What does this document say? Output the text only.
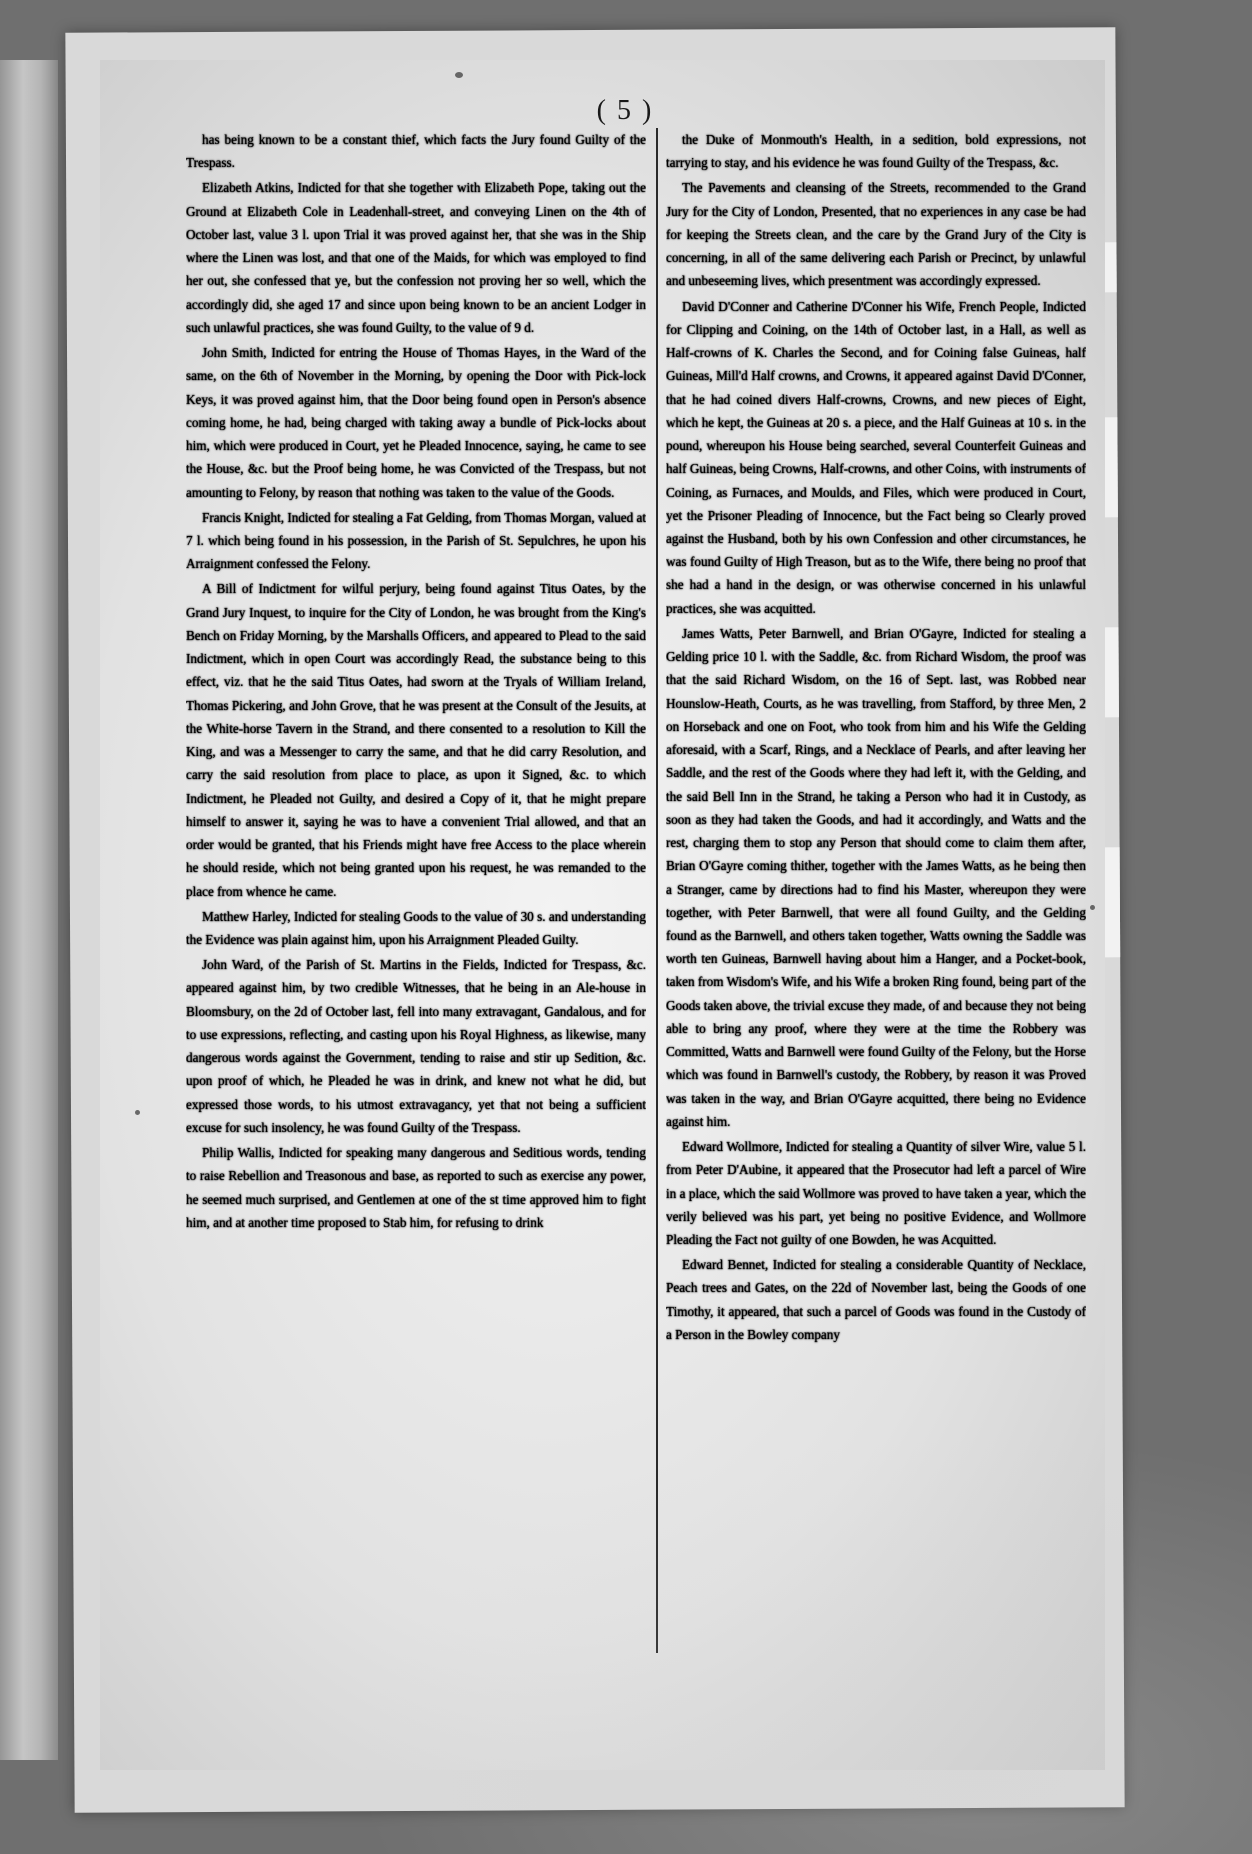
( 5 )

has being known to be a constant thief, which facts the Jury found Guilty of the Trespass.

Elizabeth Atkins, Indicted for that she together with Elizabeth Pope, taking out the Ground at Elizabeth Cole in Leadenhall-street, and conveying Linen on the 4th of October last, value 3 l. upon Trial it was proved against her, that she was in the Ship where the Linen was lost, and that one of the Maids, for which was employed to find her out, she confessed that ye, but the confession not proving her so well, which the accordingly did, she aged 17 and since upon being known to be an ancient Lodger in such unlawful practices, she was found Guilty, to the value of 9 d.

John Smith, Indicted for entring the House of Thomas Hayes, in the Ward of the same, on the 6th of November in the Morning, by opening the Door with Pick-lock Keys, it was proved against him, that the Door being found open in Person's absence coming home, he had, being charged with taking away a bundle of Pick-locks about him, which were produced in Court, yet he Pleaded Innocence, saying, he came to see the House, &c. but the Proof being home, he was Convicted of the Trespass, but not amounting to Felony, by reason that nothing was taken to the value of the Goods.

Francis Knight, Indicted for stealing a Fat Gelding, from Thomas Morgan, valued at 7 l. which being found in his possession, in the Parish of St. Sepulchres, he upon his Arraignment confessed the Felony.

A Bill of Indictment for wilful perjury, being found against Titus Oates, by the Grand Jury Inquest, to inquire for the City of London, he was brought from the King's Bench on Friday Morning, by the Marshalls Officers, and appeared to Plead to the said Indictment, which in open Court was accordingly Read, the substance being to this effect, viz. that he the said Titus Oates, had sworn at the Tryals of William Ireland, Thomas Pickering, and John Grove, that he was present at the Consult of the Jesuits, at the White-horse Tavern in the Strand, and there consented to a resolution to Kill the King, and was a Messenger to carry the same, and that he did carry Resolution, and carry the said resolution from place to place, as upon it Signed, &c. to which Indictment, he Pleaded not Guilty, and desired a Copy of it, that he might prepare himself to answer it, saying he was to have a convenient Trial allowed, and that an order would be granted, that his Friends might have free Access to the place wherein he should reside, which not being granted upon his request, he was remanded to the place from whence he came.

Matthew Harley, Indicted for stealing Goods to the value of 30 s. and understanding the Evidence was plain against him, upon his Arraignment Pleaded Guilty.

John Ward, of the Parish of St. Martins in the Fields, Indicted for Trespass, &c. appeared against him, by two credible Witnesses, that he being in an Ale-house in Bloomsbury, on the 2d of October last, fell into many extravagant, Gandalous, and for to use expressions, reflecting, and casting upon his Royal Highness, as likewise, many dangerous words against the Government, tending to raise and stir up Sedition, &c. upon proof of which, he Pleaded he was in drink, and knew not what he did, but expressed those words, to his utmost extravagancy, yet that not being a sufficient excuse for such insolency, he was found Guilty of the Trespass.

Philip Wallis, Indicted for speaking many dangerous and Seditious words, tending to raise Rebellion and Treasonous and base, as reported to such as exercise any power, he seemed much surprised, and Gentlemen at one of the st time approved him to fight him, and at another time proposed to Stab him, for refusing to drink

the Duke of Monmouth's Health, in a sedition, bold expressions, not tarrying to stay, and his evidence he was found Guilty of the Trespass, &c.

The Pavements and cleansing of the Streets, recommended to the Grand Jury for the City of London, Presented, that no experiences in any case be had for keeping the Streets clean, and the care by the Grand Jury of the City is concerning, in all of the same delivering each Parish or Precinct, by unlawful and unbeseeming lives, which presentment was accordingly expressed.

David D'Conner and Catherine D'Conner his Wife, French People, Indicted for Clipping and Coining, on the 14th of October last, in a Hall, as well as Half-crowns of K. Charles the Second, and for Coining false Guineas, half Guineas, Mill'd Half crowns, and Crowns, it appeared against David D'Conner, that he had coined divers Half-crowns, Crowns, and new pieces of Eight, which he kept, the Guineas at 20 s. a piece, and the Half Guineas at 10 s. in the pound, whereupon his House being searched, several Counterfeit Guineas and half Guineas, being Crowns, Half-crowns, and other Coins, with instruments of Coining, as Furnaces, and Moulds, and Files, which were produced in Court, yet the Prisoner Pleading of Innocence, but the Fact being so Clearly proved against the Husband, both by his own Confession and other circumstances, he was found Guilty of High Treason, but as to the Wife, there being no proof that she had a hand in the design, or was otherwise concerned in his unlawful practices, she was acquitted.

James Watts, Peter Barnwell, and Brian O'Gayre, Indicted for stealing a Gelding price 10 l. with the Saddle, &c. from Richard Wisdom, the proof was that the said Richard Wisdom, on the 16 of Sept. last, was Robbed near Hounslow-Heath, Courts, as he was travelling, from Stafford, by three Men, 2 on Horseback and one on Foot, who took from him and his Wife the Gelding aforesaid, with a Scarf, Rings, and a Necklace of Pearls, and after leaving her Saddle, and the rest of the Goods where they had left it, with the Gelding, and the said Bell Inn in the Strand, he taking a Person who had it in Custody, as soon as they had taken the Goods, and had it accordingly, and Watts and the rest, charging them to stop any Person that should come to claim them after, Brian O'Gayre coming thither, together with the James Watts, as he being then a Stranger, came by directions had to find his Master, whereupon they were together, with Peter Barnwell, that were all found Guilty, and the Gelding found as the Barnwell, and others taken together, Watts owning the Saddle was worth ten Guineas, Barnwell having about him a Hanger, and a Pocket-book, taken from Wisdom's Wife, and his Wife a broken Ring found, being part of the Goods taken above, the trivial excuse they made, of and because they not being able to bring any proof, where they were at the time the Robbery was Committed, Watts and Barnwell were found Guilty of the Felony, but the Horse which was found in Barnwell's custody, the Robbery, by reason it was Proved was taken in the way, and Brian O'Gayre acquitted, there being no Evidence against him.

Edward Wollmore, Indicted for stealing a Quantity of silver Wire, value 5 l. from Peter D'Aubine, it appeared that the Prosecutor had left a parcel of Wire in a place, which the said Wollmore was proved to have taken a year, which the verily believed was his part, yet being no positive Evidence, and Wollmore Pleading the Fact not guilty of one Bowden, he was Acquitted.

Edward Bennet, Indicted for stealing a considerable Quantity of Necklace, Peach trees and Gates, on the 22d of November last, being the Goods of one Timothy, it appeared, that such a parcel of Goods was found in the Custody of a Person in the Bowley company
